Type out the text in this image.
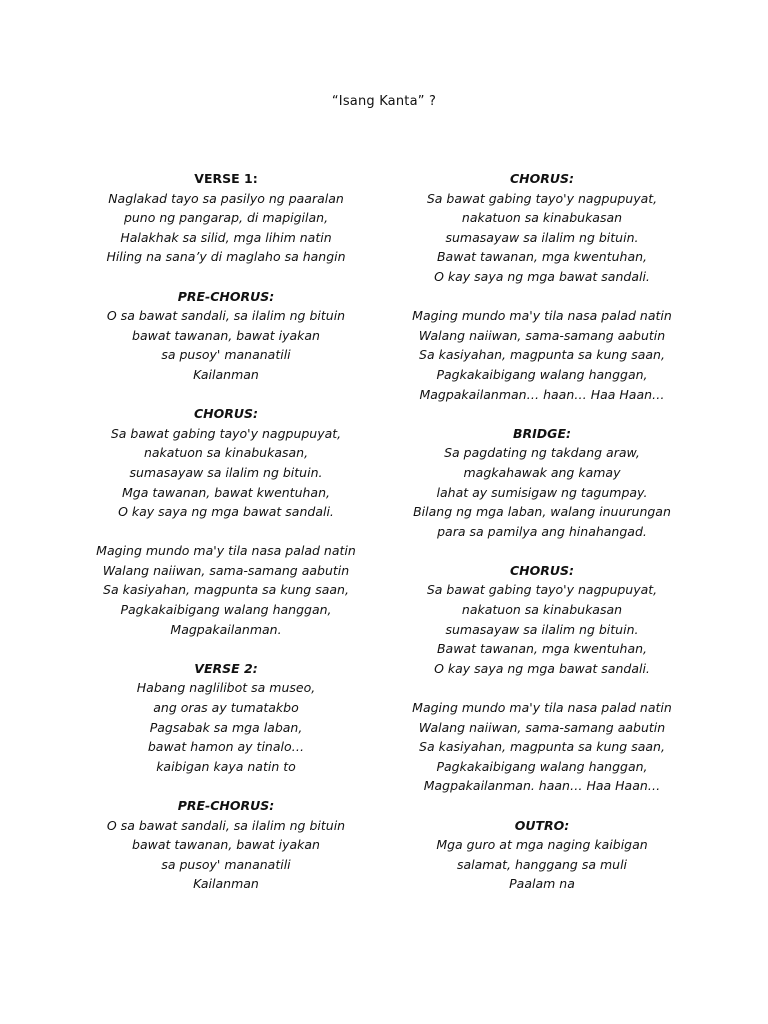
“Isang Kanta” ?
VERSE 1:
Naglakad tayo sa pasilyo ng paaralan
puno ng pangarap, di mapigilan,
Halakhak sa silid, mga lihim natin
Hiling na sana’y di maglaho sa hangin
PRE-CHORUS:
O sa bawat sandali, sa ilalim ng bituin
bawat tawanan, bawat iyakan
sa pusoy' mananatili
Kailanman
CHORUS:
Sa bawat gabing tayo'y nagpupuyat,
nakatuon sa kinabukasan,
sumasayaw sa ilalim ng bituin.
Mga tawanan, bawat kwentuhan,
O kay saya ng mga bawat sandali.
Maging mundo ma'y tila nasa palad natin
Walang naiiwan, sama-samang aabutin
Sa kasiyahan, magpunta sa kung saan,
Pagkakaibigang walang hanggan,
Magpakailanman.
VERSE 2:
Habang naglilibot sa museo,
ang oras ay tumatakbo
Pagsabak sa mga laban,
bawat hamon ay tinalo…
kaibigan kaya natin to
PRE-CHORUS:
O sa bawat sandali, sa ilalim ng bituin
bawat tawanan, bawat iyakan
sa pusoy' mananatili
Kailanman
CHORUS:
Sa bawat gabing tayo'y nagpupuyat,
nakatuon sa kinabukasan
sumasayaw sa ilalim ng bituin.
Bawat tawanan, mga kwentuhan,
O kay saya ng mga bawat sandali.
Maging mundo ma'y tila nasa palad natin
Walang naiiwan, sama-samang aabutin
Sa kasiyahan, magpunta sa kung saan,
Pagkakaibigang walang hanggan,
Magpakailanman… haan… Haa Haan…
BRIDGE:
Sa pagdating ng takdang araw,
magkahawak ang kamay
lahat ay sumisigaw ng tagumpay.
Bilang ng mga laban, walang inuurungan
para sa pamilya ang hinahangad.
CHORUS:
Sa bawat gabing tayo'y nagpupuyat,
nakatuon sa kinabukasan
sumasayaw sa ilalim ng bituin.
Bawat tawanan, mga kwentuhan,
O kay saya ng mga bawat sandali.
Maging mundo ma'y tila nasa palad natin
Walang naiiwan, sama-samang aabutin
Sa kasiyahan, magpunta sa kung saan,
Pagkakaibigang walang hanggan,
Magpakailanman. haan… Haa Haan…
OUTRO:
Mga guro at mga naging kaibigan
salamat, hanggang sa muli
Paalam na
